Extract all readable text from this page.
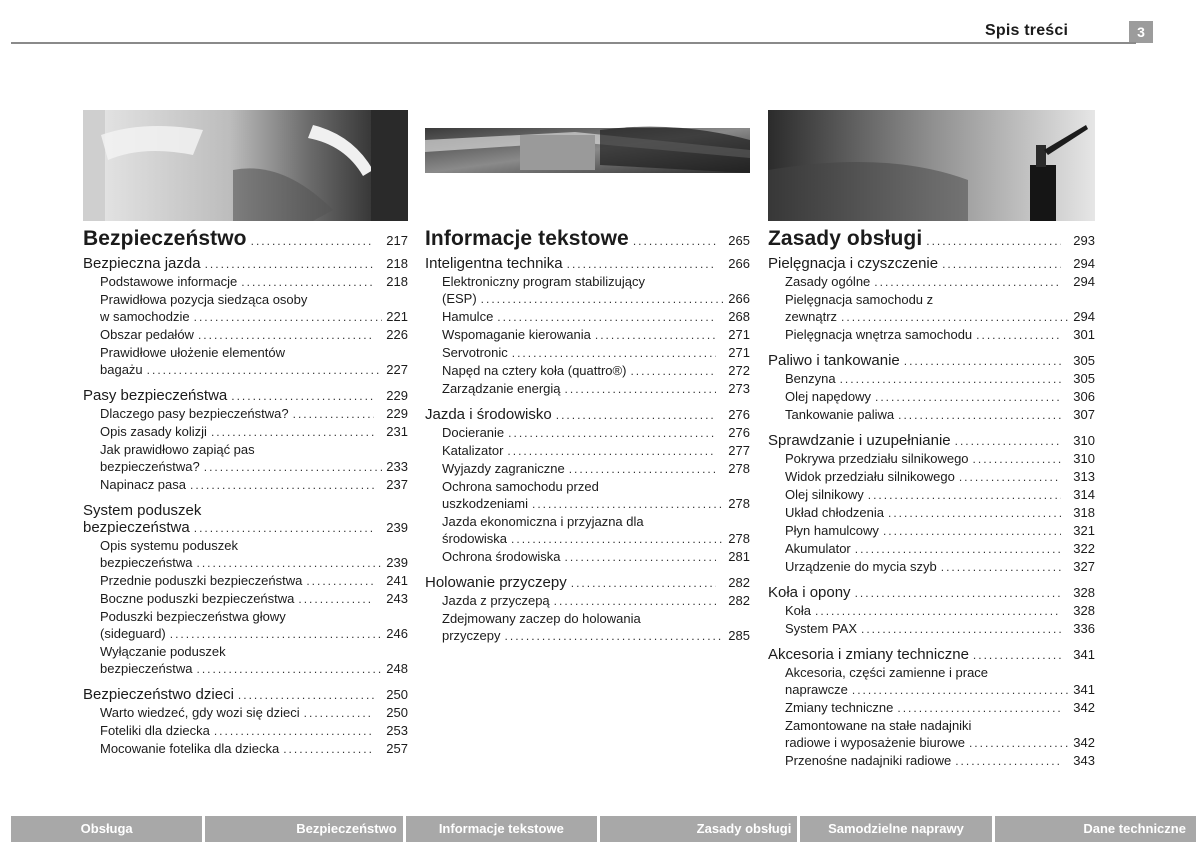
Spis treści	3
Bezpieczeństwo .....	217
Bezpieczna jazda .....	218
Podstawowe informacje .....	218
Prawidłowa pozycja siedząca osoby
w samochodzie .....	221
Obszar pedałów .....	226
Prawidłowe ułożenie elementów
bagażu .....	227
Pasy bezpieczeństwa .....	229
Dlaczego pasy bezpieczeństwa? .....	229
Opis zasady kolizji .....	231
Jak prawidłowo zapiąć pas
bezpieczeństwa? .....	233
Napinacz pasa .....	237
System poduszek
bezpieczeństwa .....	239
Opis systemu poduszek
bezpieczeństwa .....	239
Przednie poduszki bezpieczeństwa .....	241
Boczne poduszki bezpieczeństwa .....	243
Poduszki bezpieczeństwa głowy
(sideguard) .....	246
Wyłączanie poduszek
bezpieczeństwa .....	248
Bezpieczeństwo dzieci .....	250
Warto wiedzeć, gdy wozi się dzieci .....	250
Foteliki dla dziecka .....	253
Mocowanie fotelika dla dziecka .....	257
Informacje tekstowe .....	265
Inteligentna technika .....	266
Elektroniczny program stabilizujący
(ESP) .....	266
Hamulce .....	268
Wspomaganie kierowania .....	271
Servotronic .....	271
Napęd na cztery koła (quattro®) .....	272
Zarządzanie energią .....	273
Jazda i środowisko .....	276
Docieranie .....	276
Katalizator .....	277
Wyjazdy zagraniczne .....	278
Ochrona samochodu przed
uszkodzeniami .....	278
Jazda ekonomiczna i przyjazna dla
środowiska .....	278
Ochrona środowiska .....	281
Holowanie przyczepy .....	282
Jazda z przyczepą .....	282
Zdejmowany zaczep do holowania
przyczepy .....	285
Zasady obsługi .....	293
Pielęgnacja i czyszczenie .....	294
Zasady ogólne .....	294
Pielęgnacja samochodu z
zewnątrz .....	294
Pielęgnacja wnętrza samochodu .....	301
Paliwo i tankowanie .....	305
Benzyna .....	305
Olej napędowy .....	306
Tankowanie paliwa .....	307
Sprawdzanie i uzupełnianie .....	310
Pokrywa przedziału silnikowego .....	310
Widok przedziału silnikowego .....	313
Olej silnikowy .....	314
Układ chłodzenia .....	318
Płyn hamulcowy .....	321
Akumulator .....	322
Urządzenie do mycia szyb .....	327
Koła i opony .....	328
Koła .....	328
System PAX .....	336
Akcesoria i zmiany techniczne .....	341
Akcesoria, części zamienne i prace
naprawcze .....	341
Zmiany techniczne .....	342
Zamontowane na stałe nadajniki
radiowe i wyposażenie biurowe .....	342
Przenośne nadajniki radiowe .....	343
Obsługa	Bezpieczeństwo	Informacje tekstowe	Zasady obsługi	Samodzielne naprawy	Dane techniczne
